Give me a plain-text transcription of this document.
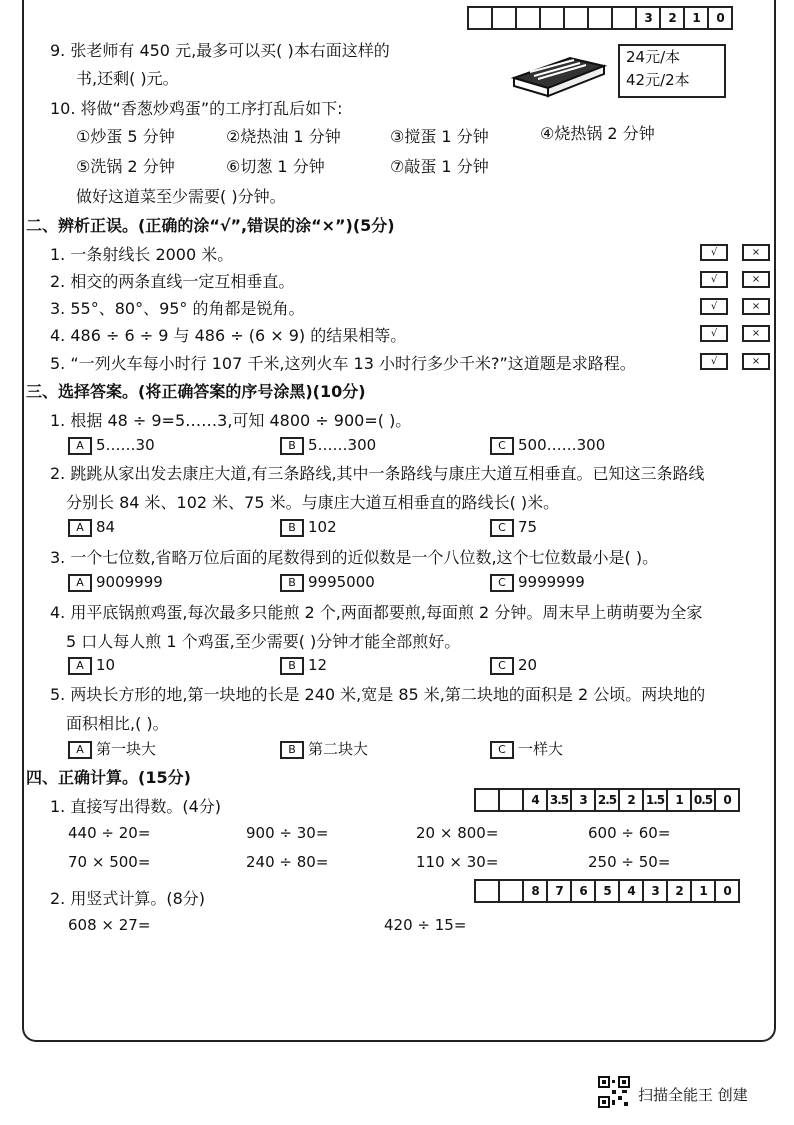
3	2	1	0
9. 张老师有 450 元,最多可以买( )本右面这样的
书,还剩( )元。
24元/本
42元/2本
10. 将做“香葱炒鸡蛋”的工序打乱后如下:
①炒蛋 5 分钟	②烧热油 1 分钟	③搅蛋 1 分钟	④烧热锅 2 分钟
⑤洗锅 2 分钟	⑥切葱 1 分钟	⑦敲蛋 1 分钟
做好这道菜至少需要( )分钟。
二、辨析正误。(正确的涂“√”,错误的涂“×”)(5分)
1. 一条射线长 2000 米。	√	×
2. 相交的两条直线一定互相垂直。	√	×
3. 55°、80°、95° 的角都是锐角。	√	×
4. 486 ÷ 6 ÷ 9 与 486 ÷ (6 × 9) 的结果相等。	√	×
5. “一列火车每小时行 107 千米,这列火车 13 小时行多少千米?”这道题是求路程。	√	×
三、选择答案。(将正确答案的序号涂黑)(10分)
1. 根据 48 ÷ 9=5……3,可知 4800 ÷ 900=( )。
2. 跳跳从家出发去康庄大道,有三条路线,其中一条路线与康庄大道互相垂直。已知这三条路线
分别长 84 米、102 米、75 米。与康庄大道互相垂直的路线长( )米。
3. 一个七位数,省略万位后面的尾数得到的近似数是一个八位数,这个七位数最小是( )。
4. 用平底锅煎鸡蛋,每次最多只能煎 2 个,两面都要煎,每面煎 2 分钟。周末早上萌萌要为全家
5 口人每人煎 1 个鸡蛋,至少需要( )分钟才能全部煎好。
5. 两块长方形的地,第一块地的长是 240 米,宽是 85 米,第二块地的面积是 2 公顷。两块地的
面积相比,( )。
A 5……30	B 5……300	C 500……300
A 84	B 102	C 75
A 9009999	B 9995000	C 9999999
A 10	B 12	C 20
A 第一块大	B 第二块大	C 一样大
四、正确计算。(15分)
1. 直接写出得数。(4分)	4 3.5 3 2.5 2 1.5 1 0.5 0
440 ÷ 20=	900 ÷ 30=	20 × 800=	600 ÷ 60=
70 × 500=	240 ÷ 80=	110 × 30=	250 ÷ 50=
2. 用竖式计算。(8分)	8	7	6	5	4	3	2	1	0
608 × 27=	420 ÷ 15=
扫描全能王 创建
